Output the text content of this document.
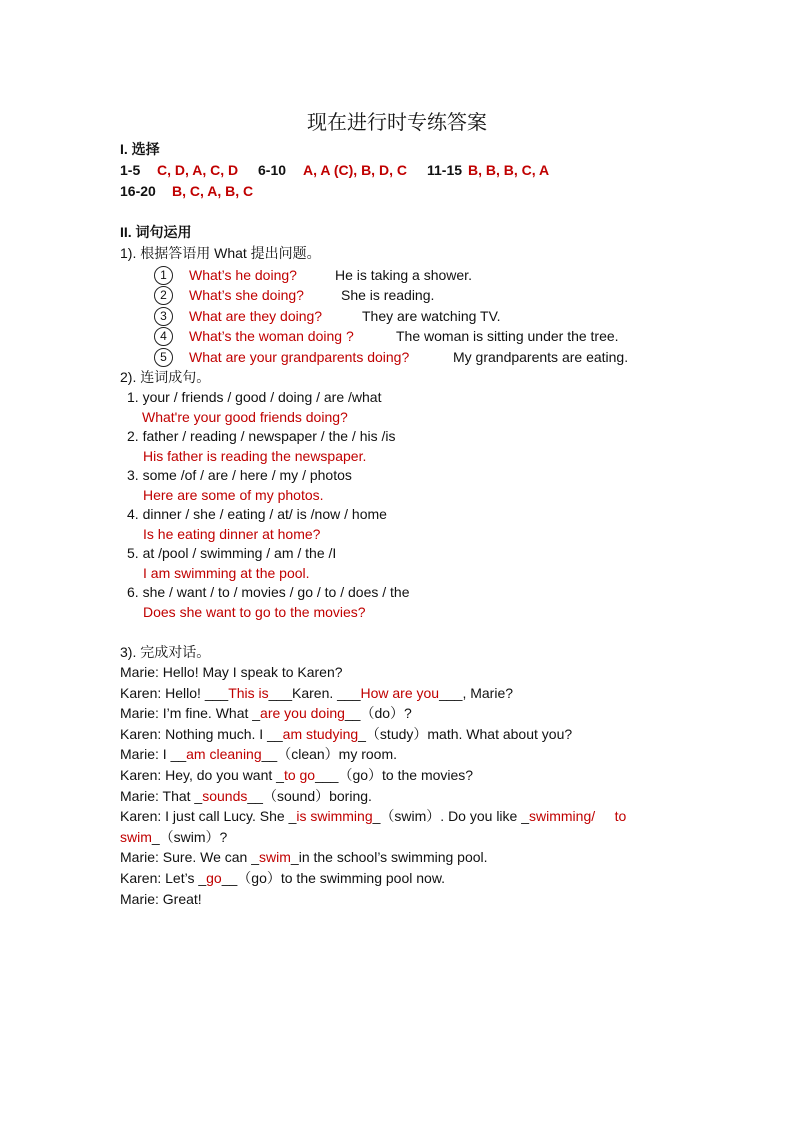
现在进行时专练答案
I. 选择
1-5 C, D, A, C, D 6-10 A, A (C), B, D, C 11-15 B, B, B, C, A
16-20 B, C, A, B, C
II. 词句运用
1). 根据答语用 What 提出问题。
1	What’s he doing?	He is taking a shower.
2	What’s she doing?	She is reading.
3	What are they doing?	They are watching TV.
4	What’s the woman doing ?	The woman is sitting under the tree.
5	What are your grandparents doing?	My grandparents are eating.
2). 连词成句。
1. your / friends / good / doing / are /what
What're your good friends doing?
2. father / reading / newspaper / the / his /is
His father is reading the newspaper.
3. some /of / are / here / my / photos
Here are some of my photos.
4. dinner / she / eating / at/ is /now / home
Is he eating dinner at home?
5. at /pool / swimming / am / the /I
I am swimming at the pool.
6. she / want / to / movies / go / to / does / the
Does she want to go to the movies?
3). 完成对话。
Marie: Hello! May I speak to Karen?
Karen: Hello! ___This is___Karen. ___How are you___, Marie?
Marie: I’m fine. What _are you doing__（do）?
Karen: Nothing much. I __am studying_（study）math. What about you?
Marie: I __am cleaning__（clean）my room.
Karen: Hey, do you want _to go___（go）to the movies?
Marie: That _sounds__（sound）boring.
Karen: I just call Lucy. She _is swimming_（swim）. Do you like _swimming/     to
swim_（swim）?
Marie: Sure. We can _swim_in the school’s swimming pool.
Karen: Let’s _go__（go）to the swimming pool now.
Marie: Great!
